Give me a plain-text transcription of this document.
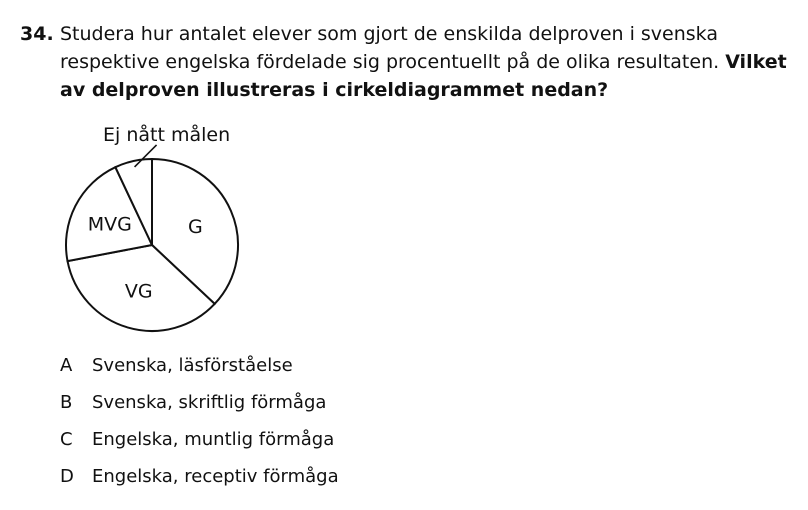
34. Studera hur antalet elever som gjort de enskilda delproven i svenska respektive engelska fördelade sig procentuellt på de olika resultaten. Vilket av delproven illustreras i cirkeldiagrammet nedan?
G
VG
MVG
Ej nått målen
A	Svenska, läsförståelse
B	Svenska, skriftlig förmåga
C	Engelska, muntlig förmåga
D	Engelska, receptiv förmåga
